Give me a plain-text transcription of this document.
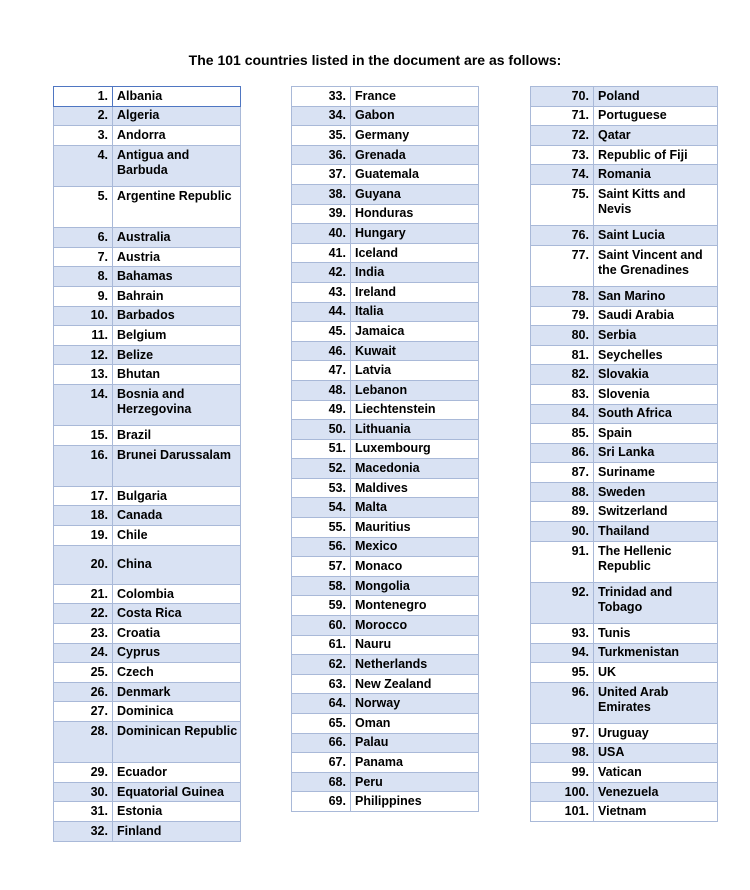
The 101 countries listed in the document are as follows:
1.	Albania
2.	Algeria
3.	Andorra
4.	Antigua and Barbuda
5.	Argentine Republic
6.	Australia
7.	Austria
8.	Bahamas
9.	Bahrain
10.	Barbados
11.	Belgium
12.	Belize
13.	Bhutan
14.	Bosnia and Herzegovina
15.	Brazil
16.	Brunei Darussalam
17.	Bulgaria
18.	Canada
19.	Chile
20.	China
21.	Colombia
22.	Costa Rica
23.	Croatia
24.	Cyprus
25.	Czech
26.	Denmark
27.	Dominica
28.	Dominican Republic
29.	Ecuador
30.	Equatorial Guinea
31.	Estonia
32.	Finland
33.	France
34.	Gabon
35.	Germany
36.	Grenada
37.	Guatemala
38.	Guyana
39.	Honduras
40.	Hungary
41.	Iceland
42.	India
43.	Ireland
44.	Italia
45.	Jamaica
46.	Kuwait
47.	Latvia
48.	Lebanon
49.	Liechtenstein
50.	Lithuania
51.	Luxembourg
52.	Macedonia
53.	Maldives
54.	Malta
55.	Mauritius
56.	Mexico
57.	Monaco
58.	Mongolia
59.	Montenegro
60.	Morocco
61.	Nauru
62.	Netherlands
63.	New Zealand
64.	Norway
65.	Oman
66.	Palau
67.	Panama
68.	Peru
69.	Philippines
70.	Poland
71.	Portuguese
72.	Qatar
73.	Republic of Fiji
74.	Romania
75.	Saint Kitts and Nevis
76.	Saint Lucia
77.	Saint Vincent and the Grenadines
78.	San Marino
79.	Saudi Arabia
80.	Serbia
81.	Seychelles
82.	Slovakia
83.	Slovenia
84.	South Africa
85.	Spain
86.	Sri Lanka
87.	Suriname
88.	Sweden
89.	Switzerland
90.	Thailand
91.	The Hellenic Republic
92.	Trinidad and Tobago
93.	Tunis
94.	Turkmenistan
95.	UK
96.	United Arab Emirates
97.	Uruguay
98.	USA
99.	Vatican
100.	Venezuela
101.	Vietnam
